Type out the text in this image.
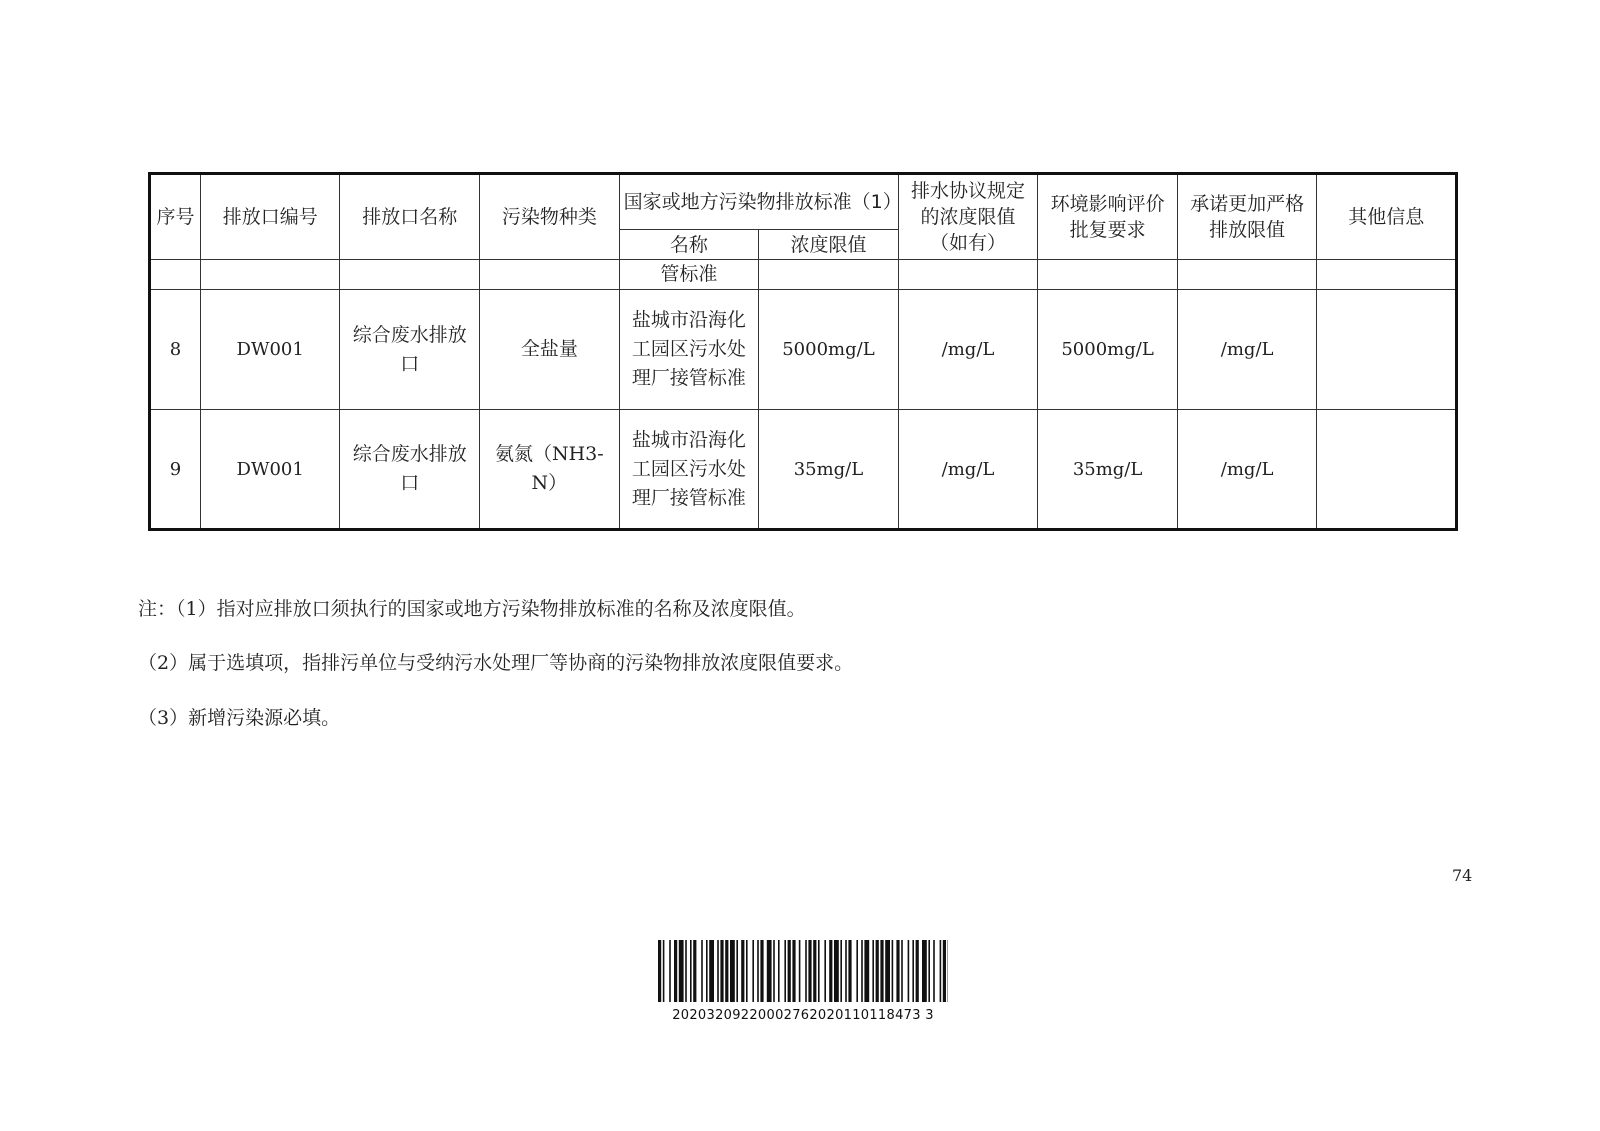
序号	排放口编号	排放口名称	污染物种类	国家或地方污染物排放标准（1）		排水协议规定的浓度限值（如有）	环境影响评价批复要求	承诺更加严格排放限值	其他信息
				名称	浓度限值				
				管标准					
8	DW001	综合废水排放口	全盐量	盐城市沿海化工园区污水处理厂接管标准	5000mg/L	/mg/L	5000mg/L	/mg/L	
9	DW001	综合废水排放口	氨氮（NH3-N）	盐城市沿海化工园区污水处理厂接管标准	35mg/L	/mg/L	35mg/L	/mg/L	
注：（1）指对应排放口须执行的国家或地方污染物排放标准的名称及浓度限值。
（2）属于选填项，指排污单位与受纳污水处理厂等协商的污染物排放浓度限值要求。
（3）新增污染源必填。
74
20203209220002762020110118473 3
